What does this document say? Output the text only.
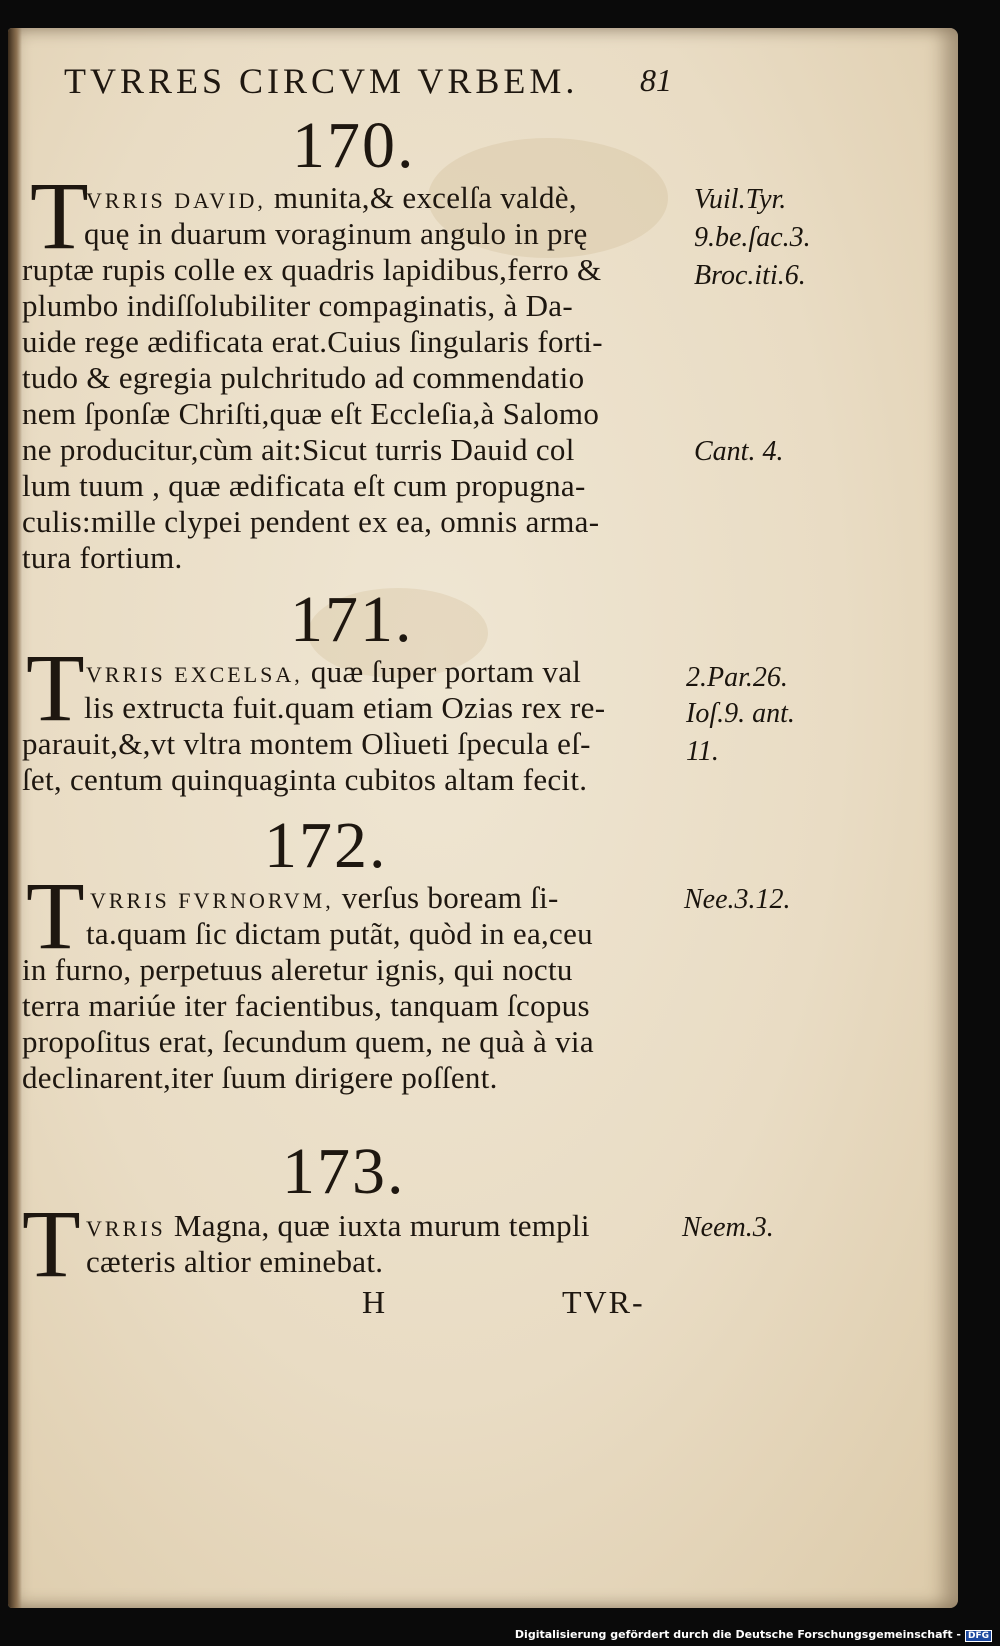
TVRRES CIRCVM VRBEM. 81

170.

T

VRRIS DAVID, munita,& excelſa valdè,

quę in duarum voraginum angulo in prę

ruptæ rupis colle ex quadris lapidibus,ferro &

plumbo indiſſolubiliter compaginatis, à Da-

uide rege ædificata erat.Cuius ſingularis forti-

tudo & egregia pulchritudo ad commendatio

nem ſponſæ Chriſti,quæ eſt Eccleſia,à Salomo

ne producitur,cùm ait:Sicut turris Dauid col

lum tuum , quæ ædificata eſt cum propugna-

culis:mille clypei pendent ex ea, omnis arma-

tura fortium.

Vuil.Tyr.

9.be.ſac.3.

Broc.iti.6.

Cant. 4.

171.

T VRRIS EXCELSA, quæ ſuper portam val

lis extructa fuit.quam etiam Ozias rex re-

parauit,&,vt vltra montem Olìueti ſpecula eſ-

ſet, centum quinquaginta cubitos altam fecit.

2.Par.26.

Ioſ.9. ant.

11.

172.

T VRRIS FVRNORVM, verſus boream ſi-

ta.quam ſic dictam putãt, quòd in ea,ceu

in furno, perpetuus aleretur ignis, qui noctu

terra mariúe iter facientibus, tanquam ſcopus

propoſitus erat, ſecundum quem, ne quà à via

declinarent,iter ſuum dirigere poſſent.

Nee.3.12.

173.

T VRRIS Magna, quæ iuxta murum templi

cæteris altior eminebat.

Neem.3.

H	TVR-

Digitalisierung gefördert durch die Deutsche Forschungsgemeinschaft - DFG
